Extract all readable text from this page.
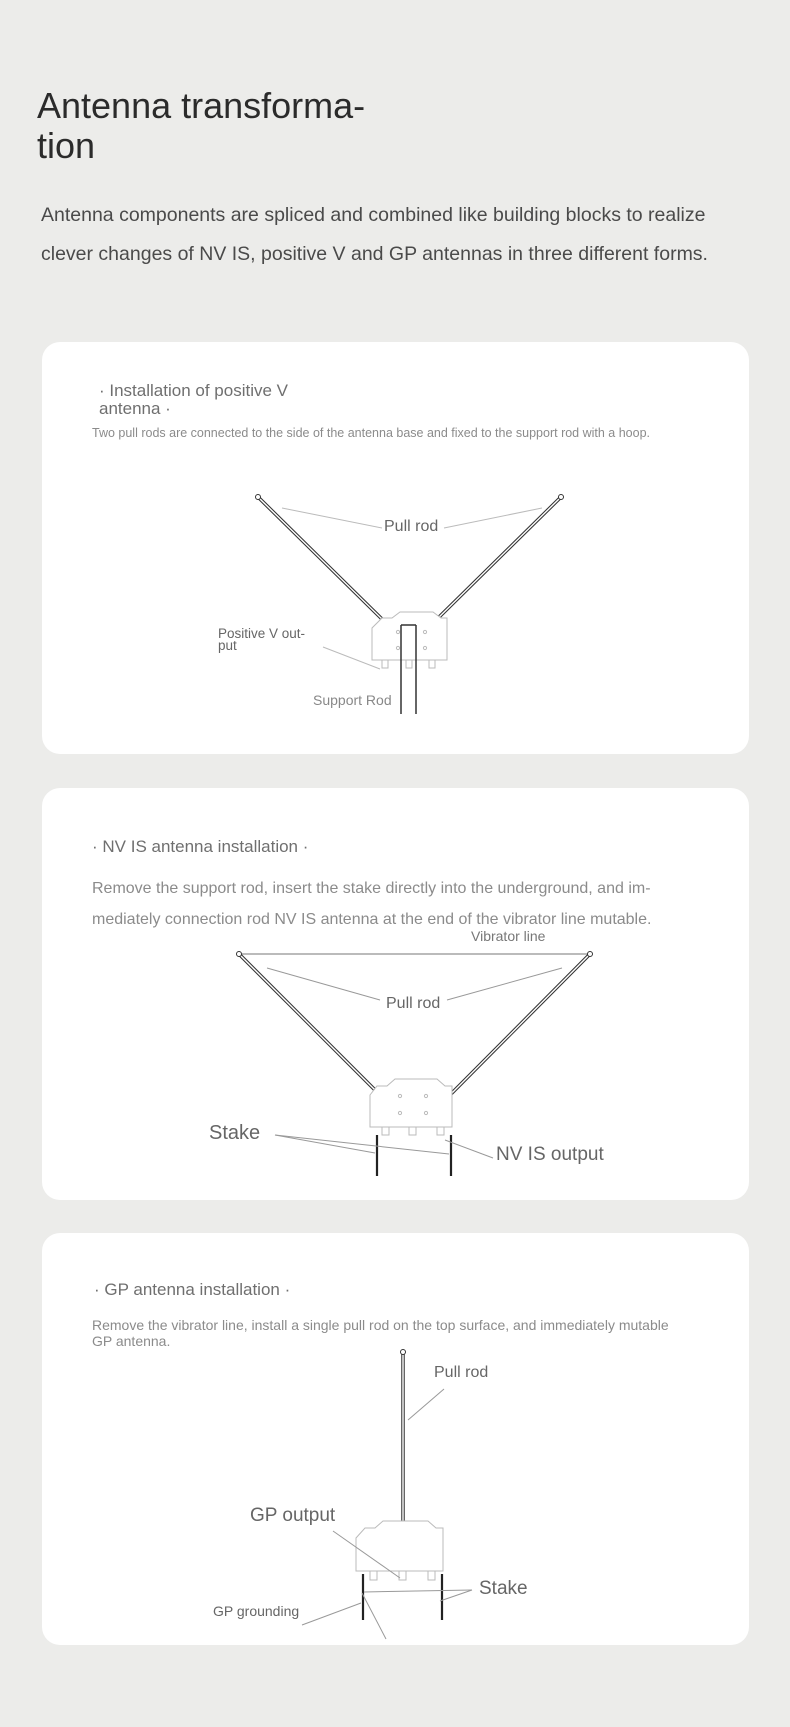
Antenna transforma- tion

Antenna components are spliced and combined like building blocks to realize clever changes of NV IS, positive V and GP antennas in three different forms.

· Installation of positive V antenna ·

Two pull rods are connected to the side of the antenna base and fixed to the support rod with a hoop.

Pull rod
Positive V out- put
Support Rod
· NV IS antenna installation ·

Remove the support rod, insert the stake directly into the underground, and im- mediately connection rod NV IS antenna at the end of the vibrator line mutable.

Vibrator line
Pull rod
Stake
NV IS output
· GP antenna installation ·

Remove the vibrator line, install a single pull rod on the top surface, and immediately mutable GP antenna.

Pull rod
GP output
Stake
GP grounding
